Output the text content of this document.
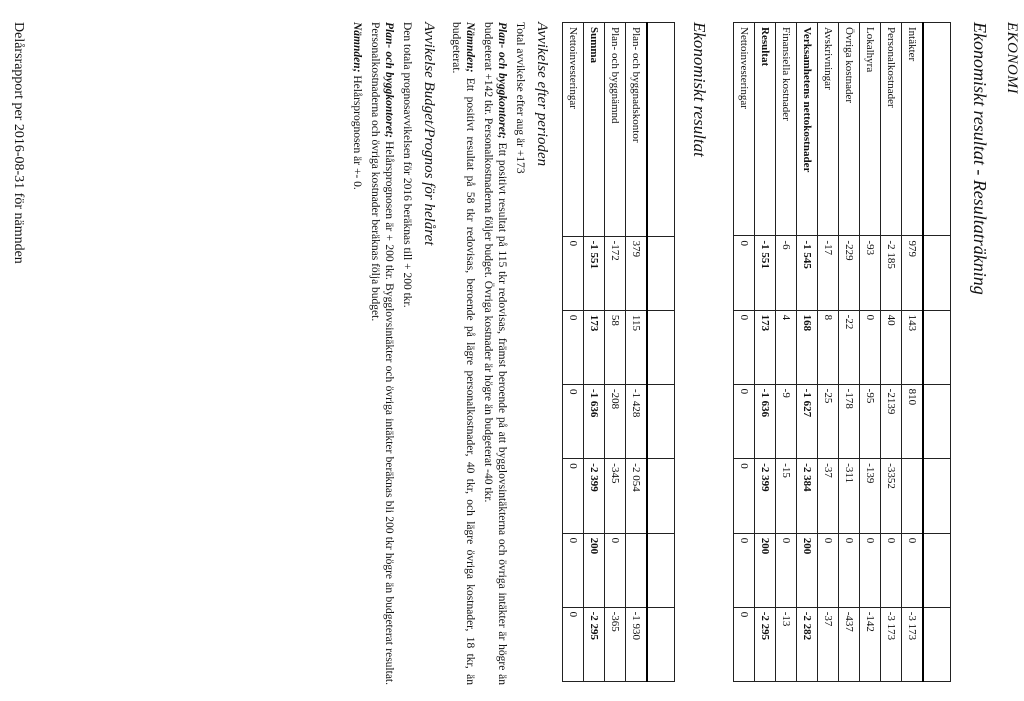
EKONOMI
Ekonomiskt resultat - Resultaträkning

Intäkter	979	143	810		0	-3 173
Personalkostnader	-2 185	40	-2139	-3352	0	-3 173
Lokalhyra	-93	0	-95	-139	0	-142
Övriga kostnader	-229	-22	-178	-311	0	-437
Avskrivningar	-17	8	-25	-37	0	-37
Verksamhetens nettokostnader	-1 545	168	-1 627	-2 384	200	-2 282
Finansiella kostnader	-6	4	-9	-15	0	-13
Resultat	-1 551	173	-1 636	-2 399	200	-2 295
Nettoinvesteringar	0	0	0	0	0	0
Ekonomiskt resultat

Plan- och byggnadskontor	379	115	-1 428	-2 054		-1 930
Plan- och byggnämnd	-172	58	-208	-345	0	-365
Summa	-1 551	173	-1 636	-2 399	200	-2 295
Nettoinvesteringar	0	0	0	0	0	0
Avvikelse efter perioden

Total avvikelse efter aug är +173

Plan- och byggkontoret; Ett positivt resultat på 115 tkr redovisas, främst beroende på att bygglovsintäkterna och övriga intäkter är högre än budgeterat +142 tkr. Personalkostnaderna följer budget. Övriga kostnader är högre än budgeterat -40 tkr.

Nämnden; Ett positivt resultat på 58 tkr redovisas, beroende på lägre personalkostnader, 40 tkr, och lägre övriga kostnader, 18 tkr, än budgeterat.

Avvikelse Budget/Prognos för helåret

Den totala prognosavvikelsen för 2016 beräknas till + 200 tkr.

Plan- och byggkontoret; Helårsprognosen är + 200 tkr. Bygglovsintäkter och övriga intäkter beräknas bli 200 tkr högre än budgeterat resultat. Personalkostnaderna och övriga kostnader beräknas följa budget.

Nämnden; Helårsprognosen är +- 0.

Delårsrapport per 2016-08-31 för nämnden
